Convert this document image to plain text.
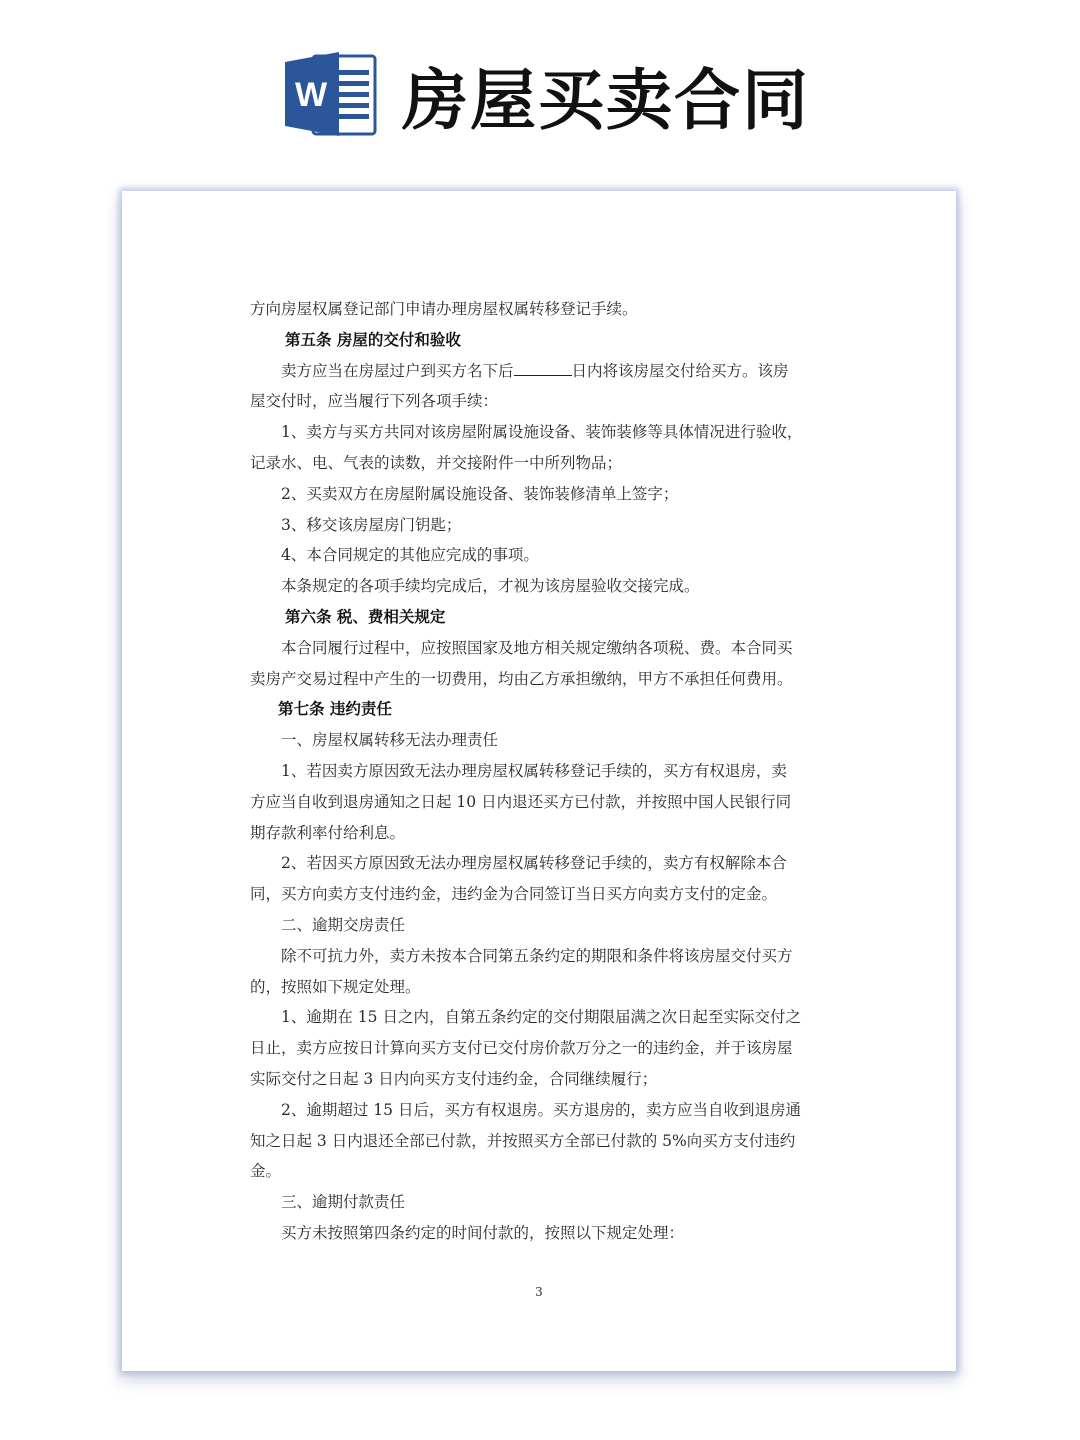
W 房屋买卖合同
方向房屋权属登记部门申请办理房屋权属转移登记手续。
第五条 房屋的交付和验收
卖方应当在房屋过户到买方名下后	日内将该房屋交付给买方。该房
屋交付时，应当履行下列各项手续：
1、卖方与买方共同对该房屋附属设施设备、装饰装修等具体情况进行验收，
记录水、电、气表的读数，并交接附件一中所列物品；
2、买卖双方在房屋附属设施设备、装饰装修清单上签字；
3、移交该房屋房门钥匙；
4、本合同规定的其他应完成的事项。
本条规定的各项手续均完成后，才视为该房屋验收交接完成。
第六条 税、费相关规定
本合同履行过程中，应按照国家及地方相关规定缴纳各项税、费。本合同买
卖房产交易过程中产生的一切费用，均由乙方承担缴纳，甲方不承担任何费用。
第七条 违约责任
一、房屋权属转移无法办理责任
1、若因卖方原因致无法办理房屋权属转移登记手续的，买方有权退房，卖
方应当自收到退房通知之日起 10 日内退还买方已付款，并按照中国人民银行同
期存款利率付给利息。
2、若因买方原因致无法办理房屋权属转移登记手续的，卖方有权解除本合
同，买方向卖方支付违约金，违约金为合同签订当日买方向卖方支付的定金。
二、逾期交房责任
除不可抗力外，卖方未按本合同第五条约定的期限和条件将该房屋交付买方
的，按照如下规定处理。
1、逾期在 15 日之内，自第五条约定的交付期限届满之次日起至实际交付之
日止，卖方应按日计算向买方支付已交付房价款万分之一的违约金，并于该房屋
实际交付之日起 3 日内向买方支付违约金，合同继续履行；
2、逾期超过 15 日后，买方有权退房。买方退房的，卖方应当自收到退房通
知之日起 3 日内退还全部已付款，并按照买方全部已付款的 5%向买方支付违约
金。
三、逾期付款责任
买方未按照第四条约定的时间付款的，按照以下规定处理：
3
